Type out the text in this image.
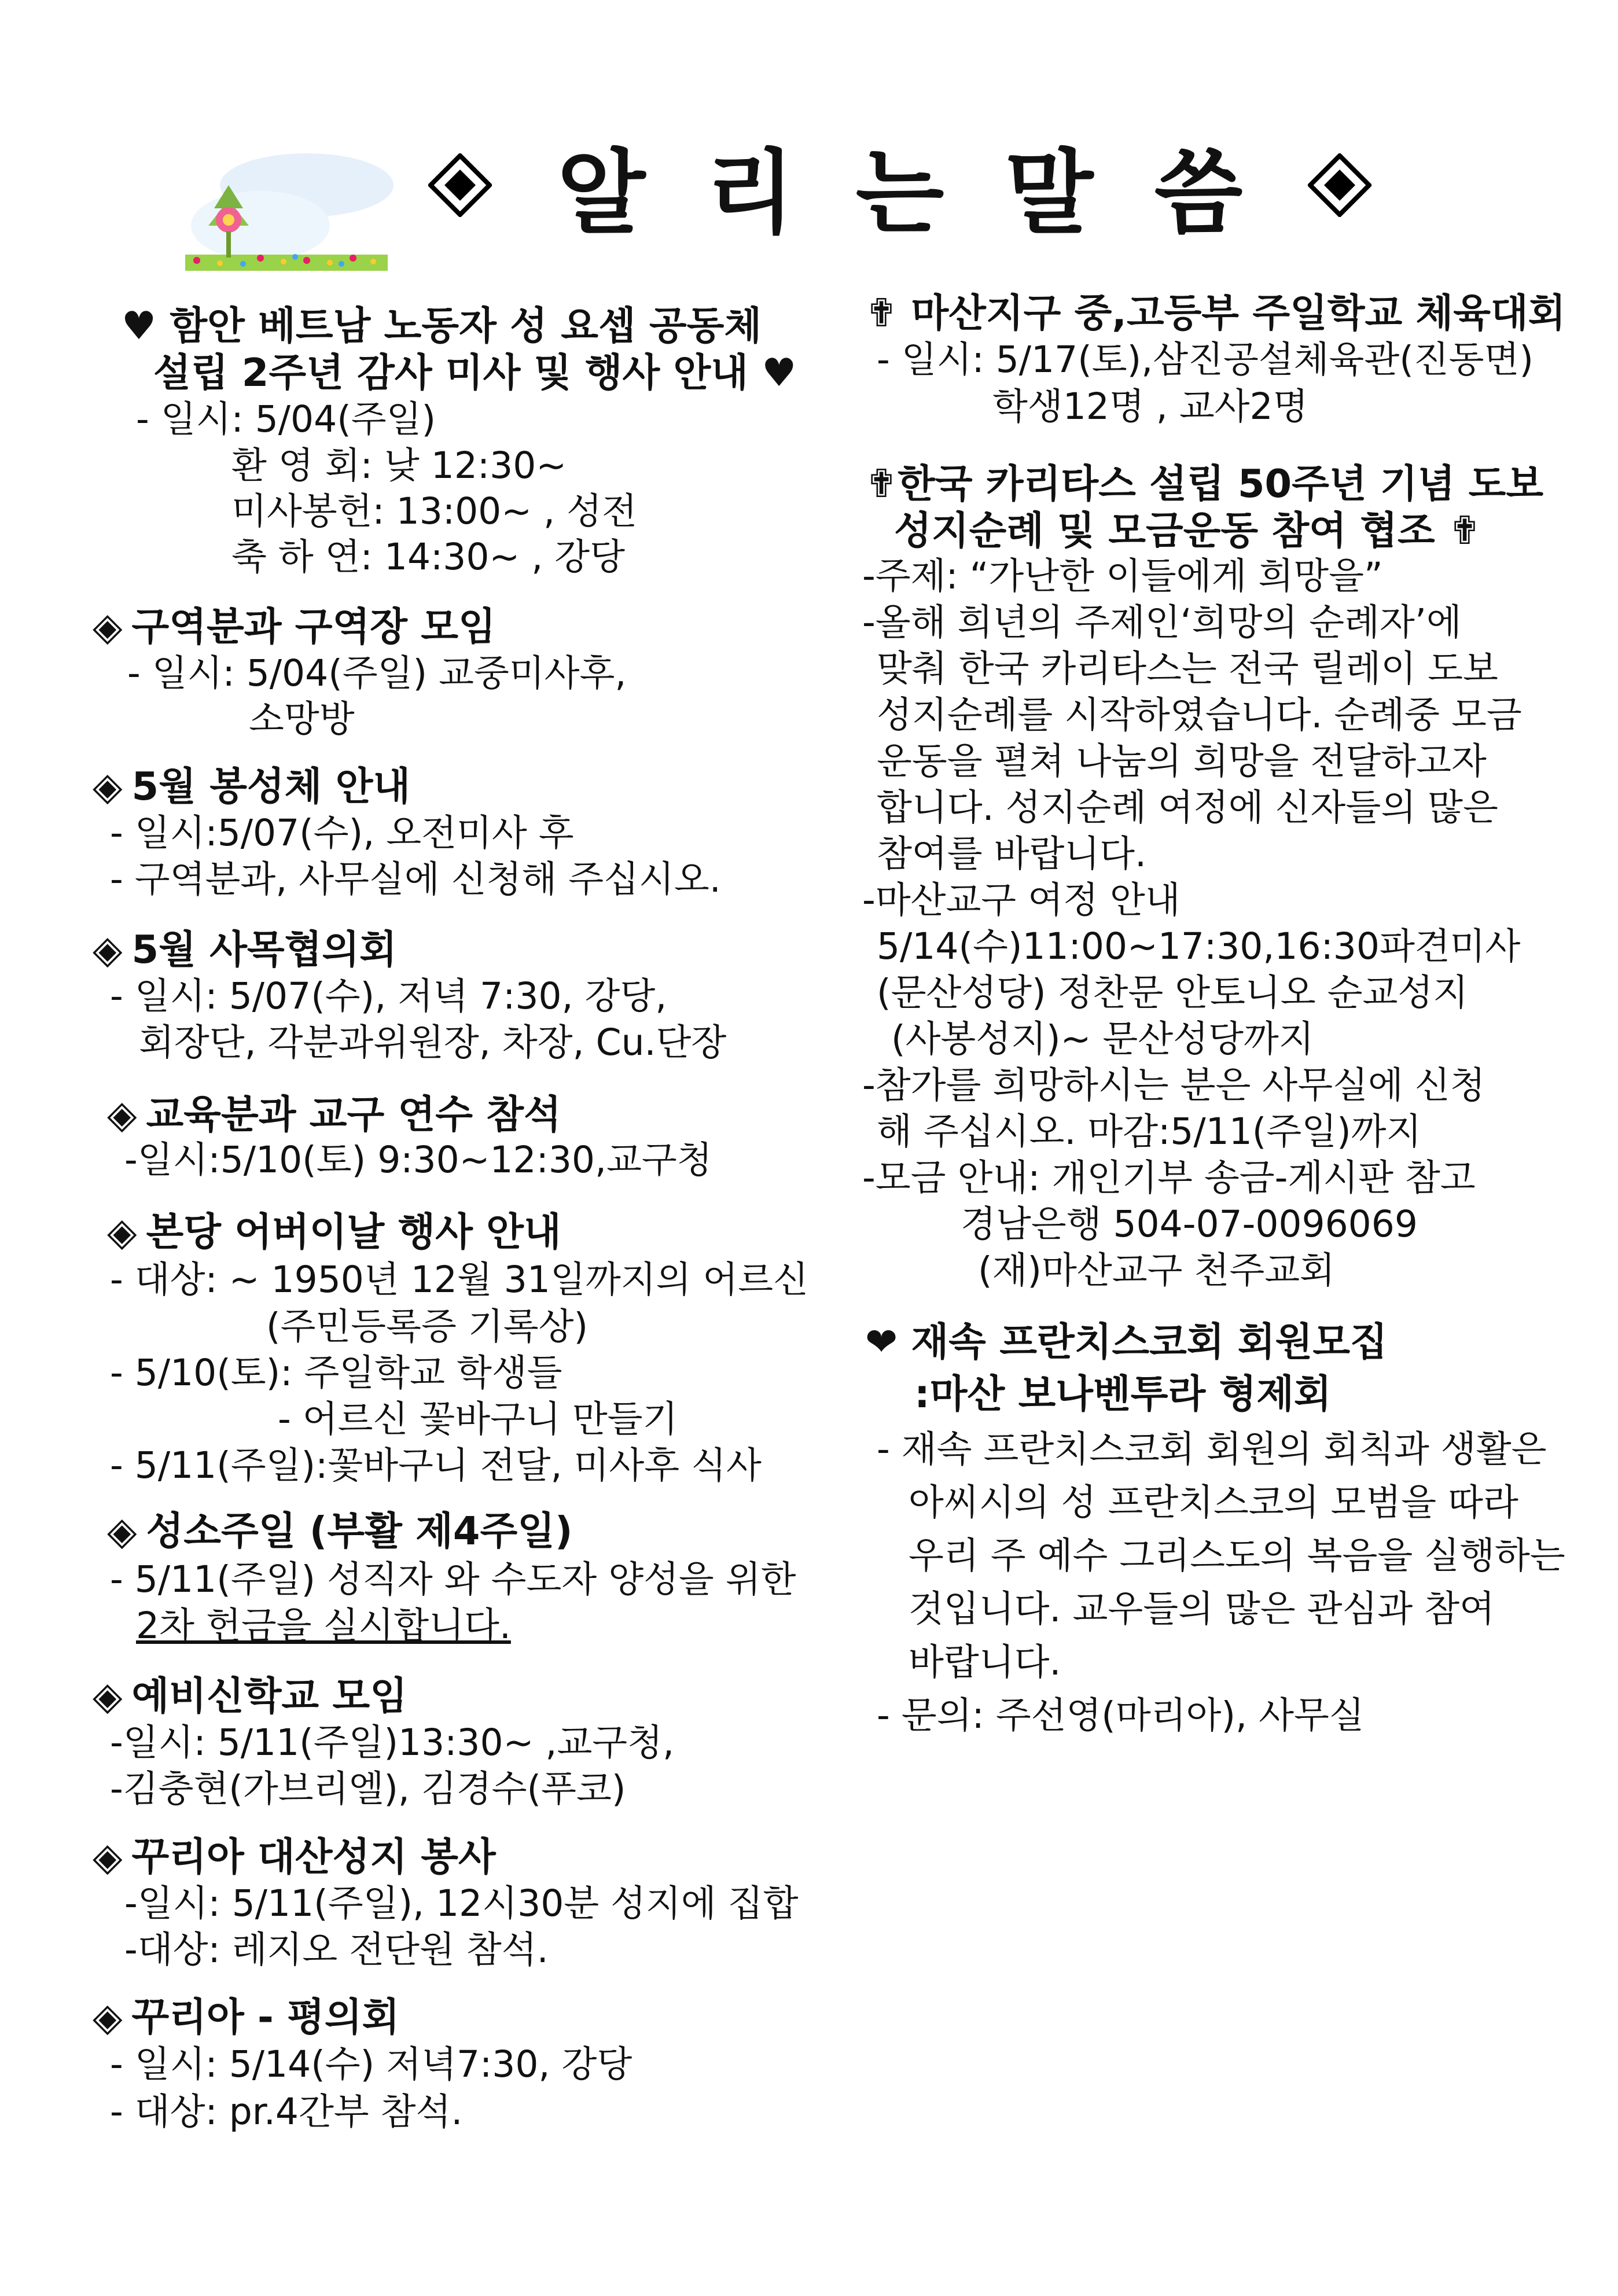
알 리 는 말 씀
♥ 함안 베트남 노동자 성 요셉 공동체
설립 2주년 감사 미사 및 행사 안내 ♥
- 일시: 5/04(주일)
환 영 회: 낮 12:30~
미사봉헌: 13:00~ , 성전
축 하 연: 14:30~ , 강당
◈ 구역분과 구역장 모임
- 일시: 5/04(주일) 교중미사후,
소망방
◈ 5월 봉성체 안내
- 일시:5/07(수), 오전미사 후
- 구역분과, 사무실에 신청해 주십시오.
◈ 5월 사목협의회
- 일시: 5/07(수), 저녁 7:30, 강당,
회장단, 각분과위원장, 차장, Cu.단장
◈ 교육분과 교구 연수 참석
-일시:5/10(토) 9:30~12:30,교구청
◈ 본당 어버이날 행사 안내
- 대상: ~ 1950년 12월 31일까지의 어르신
(주민등록증 기록상)
- 5/10(토): 주일학교 학생들
- 어르신 꽃바구니 만들기
- 5/11(주일):꽃바구니 전달, 미사후 식사
◈ 성소주일 (부활 제4주일)
- 5/11(주일) 성직자 와 수도자 양성을 위한
2차 헌금을 실시합니다.
◈ 예비신학교 모임
-일시: 5/11(주일)13:30~ ,교구청,
-김충현(가브리엘), 김경수(푸코)
◈ 꾸리아 대산성지 봉사
-일시: 5/11(주일), 12시30분 성지에 집합
-대상: 레지오 전단원 참석.
◈ 꾸리아 - 평의회
- 일시: 5/14(수) 저녁7:30, 강당
- 대상: pr.4간부 참석.
✟ 마산지구 중,고등부 주일학교 체육대회
- 일시: 5/17(토),삼진공설체육관(진동면)
학생12명 , 교사2명
✟한국 카리타스 설립 50주년 기념 도보
성지순례 및 모금운동 참여 협조 ✟
-주제: “가난한 이들에게 희망을”
-올해 희년의 주제인‘희망의 순례자’에
맞춰 한국 카리타스는 전국 릴레이 도보
성지순례를 시작하였습니다. 순례중 모금
운동을 펼쳐 나눔의 희망을 전달하고자
합니다. 성지순례 여정에 신자들의 많은
참여를 바랍니다.
-마산교구 여정 안내
5/14(수)11:00~17:30,16:30파견미사
(문산성당) 정찬문 안토니오 순교성지
(사봉성지)~ 문산성당까지
-참가를 희망하시는 분은 사무실에 신청
해 주십시오. 마감:5/11(주일)까지
-모금 안내: 개인기부 송금-게시판 참고
경남은행 504-07-0096069
(재)마산교구 천주교회
❤ 재속 프란치스코회 회원모집
:마산 보나벤투라 형제회
- 재속 프란치스코회 회원의 회칙과 생활은
아씨시의 성 프란치스코의 모범을 따라
우리 주 예수 그리스도의 복음을 실행하는
것입니다. 교우들의 많은 관심과 참여
바랍니다.
- 문의: 주선영(마리아), 사무실
